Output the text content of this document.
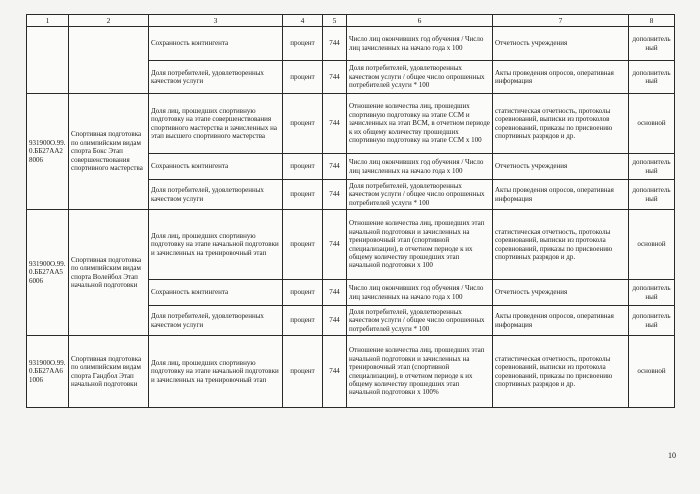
1	2	3	4	5	6	7	8
		Сохранность контингента	процент	744	Число лиц окончивших год обучения / Число лиц зачисленных на начало года х 100	Отчетность учреждения	дополнительный
		Доля потребителей, удовлетворенных качеством услуги	процент	744	Доля потребителей, удовлетворенных качеством услуги / общее число опрошенных потребителей услуги * 100	Акты проведения опросов, оперативная информация	дополнительный
931900О.99.0.ББ27АА28006	Спортивная подготовка по олимпийским видам спорта Бокс Этап совершенствования спортивного мастерства	Доля лиц, прошедших спортивную подготовку на этапе совершенствования спортивного мастерства и зачисленных на этап высшего спортивного мастерства	процент	744	Отношение количества лиц, прошедших спортивную подготовку на этапе ССМ и зачисленных на этап ВСМ, в отчетном периоде к их общему количеству прошедших спортивную подготовку на этапе ССМ х 100	статистическая отчетность, протоколы соревнований, выписки из протоколов соревнований, приказы по присвоению спортивных разрядов и др.	основной
		Сохранность контингента	процент	744	Число лиц окончивших год обучения / Число лиц зачисленных на начало года х 100	Отчетность учреждения	дополнительный
		Доля потребителей, удовлетворенных качеством услуги	процент	744	Доля потребителей, удовлетворенных качеством услуги / общее число опрошенных потребителей услуги * 100	Акты проведения опросов, оперативная информация	дополнительный
931900О.99.0.ББ27АА56006	Спортивная подготовка по олимпийским видам спорта Волейбол Этап начальной подготовки	Доля лиц, прошедших спортивную подготовку на этапе начальной подготовки и зачисленных на тренировочный этап	процент	744	Отношение количества лиц, прошедших этап начальной подготовки и зачисленных на тренировочный этап (спортивной специализации), в отчетном периоде к их общему количеству прошедших этап начальной подготовки х 100	статистическая отчетность, протоколы соревнований, выписки из протокола соревнований, приказы по присвоению спортивных разрядов и др.	основной
		Сохранность контингента	процент	744	Число лиц окончивших год обучения / Число лиц зачисленных на начало года х 100	Отчетность учреждения	дополнительный
		Доля потребителей, удовлетворенных качеством услуги	процент	744	Доля потребителей, удовлетворенных качеством услуги / общее число опрошенных потребителей услуги * 100	Акты проведения опросов, оперативная информация	дополнительный
931900О.99.0.ББ27АА61006	Спортивная подготовка по олимпийским видам спорта Гандбол Этап начальной подготовки	Доля лиц, прошедших спортивную подготовку на этапе начальной подготовки и зачисленных на тренировочный этап	процент	744	Отношение количества лиц, прошедших этап начальной подготовки и зачисленных на тренировочный этап (спортивной специализации), в отчетном периоде к их общему количеству прошедших этап начальной подготовки х 100%	статистическая отчетность, протоколы соревнований, выписки из протокола соревнований, приказы по присвоению спортивных разрядов и др.	основной
10
